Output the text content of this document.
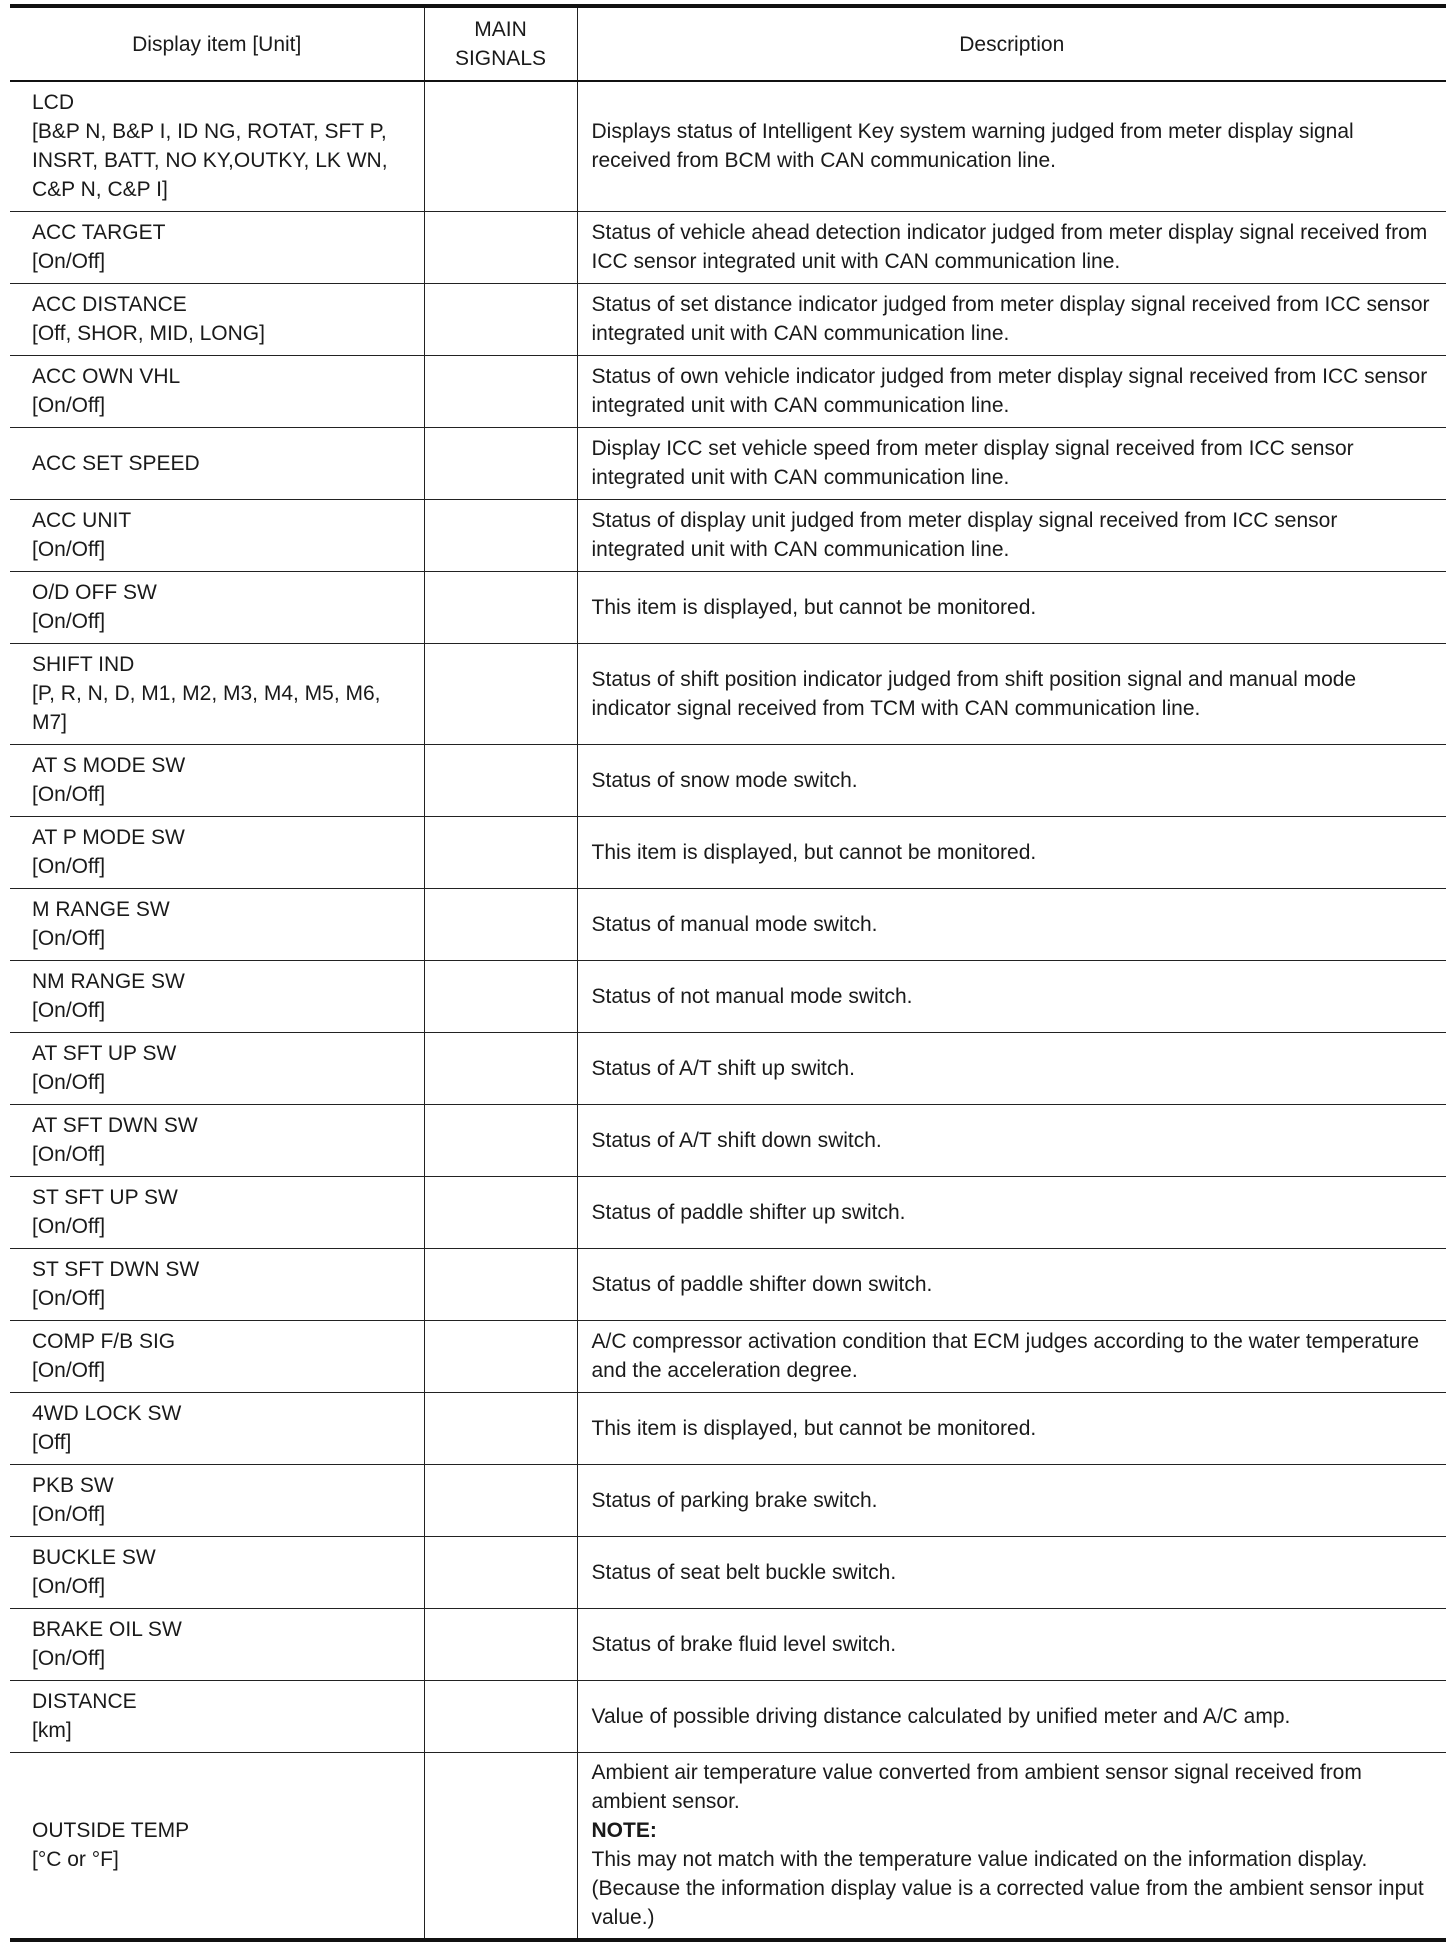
Display item [Unit]	MAIN SIGNALS	Description

LCD
[B&P N, B&P I, ID NG, ROTAT, SFT P, INSRT, BATT, NO KY,OUTKY, LK WN, C&P N, C&P I]		Displays status of Intelligent Key system warning judged from meter display signal received from BCM with CAN communication line.

ACC TARGET
[On/Off]		Status of vehicle ahead detection indicator judged from meter display signal received from ICC sensor integrated unit with CAN communication line.

ACC DISTANCE
[Off, SHOR, MID, LONG]		Status of set distance indicator judged from meter display signal received from ICC sensor integrated unit with CAN communication line.

ACC OWN VHL
[On/Off]		Status of own vehicle indicator judged from meter display signal received from ICC sensor integrated unit with CAN communication line.

ACC SET SPEED		Display ICC set vehicle speed from meter display signal received from ICC sensor integrated unit with CAN communication line.

ACC UNIT
[On/Off]		Status of display unit judged from meter display signal received from ICC sensor integrated unit with CAN communication line.

O/D OFF SW
[On/Off]		This item is displayed, but cannot be monitored.

SHIFT IND
[P, R, N, D, M1, M2, M3, M4, M5, M6, M7]		Status of shift position indicator judged from shift position signal and manual mode indicator signal received from TCM with CAN communication line.

AT S MODE SW
[On/Off]		Status of snow mode switch.

AT P MODE SW
[On/Off]		This item is displayed, but cannot be monitored.

M RANGE SW
[On/Off]		Status of manual mode switch.

NM RANGE SW
[On/Off]		Status of not manual mode switch.

AT SFT UP SW
[On/Off]		Status of A/T shift up switch.

AT SFT DWN SW
[On/Off]		Status of A/T shift down switch.

ST SFT UP SW
[On/Off]		Status of paddle shifter up switch.

ST SFT DWN SW
[On/Off]		Status of paddle shifter down switch.

COMP F/B SIG
[On/Off]		A/C compressor activation condition that ECM judges according to the water temperature and the acceleration degree.

4WD LOCK SW
[Off]		This item is displayed, but cannot be monitored.

PKB SW
[On/Off]		Status of parking brake switch.

BUCKLE SW
[On/Off]		Status of seat belt buckle switch.

BRAKE OIL SW
[On/Off]		Status of brake fluid level switch.

DISTANCE
[km]		Value of possible driving distance calculated by unified meter and A/C amp.

OUTSIDE TEMP
[°C or °F]		Ambient air temperature value converted from ambient sensor signal received from ambient sensor.
NOTE:
This may not match with the temperature value indicated on the information display. (Because the information display value is a corrected value from the ambient sensor input value.)
